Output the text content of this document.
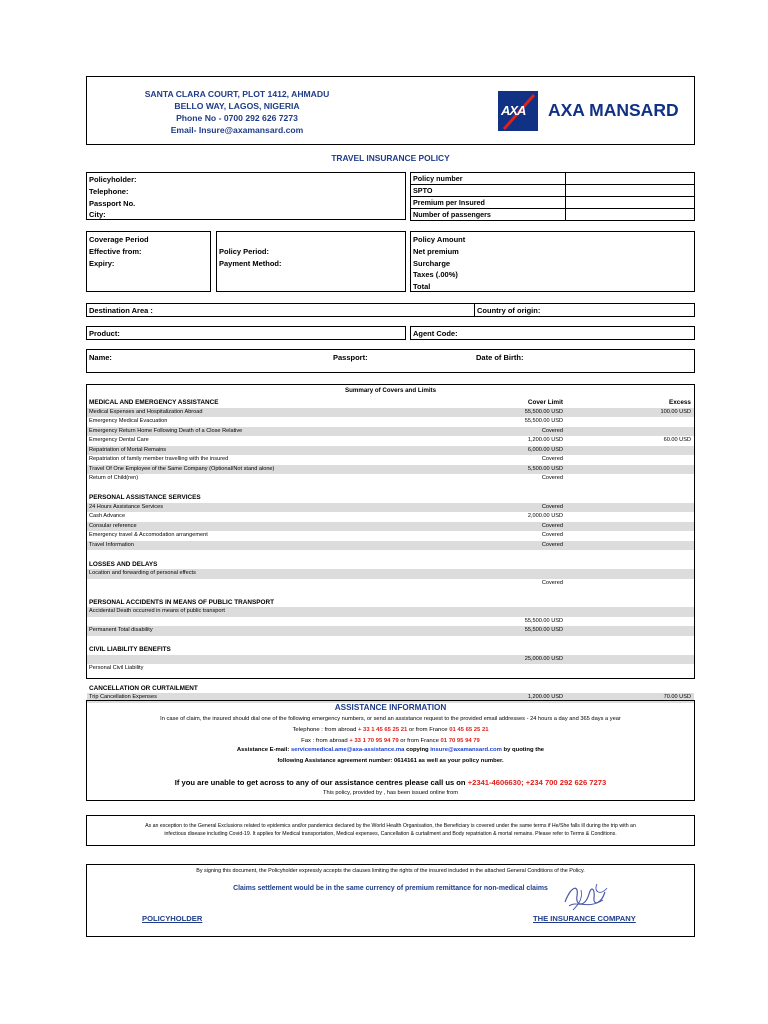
SANTA CLARA COURT, PLOT 1412, AHMADU
BELLO WAY, LAGOS, NIGERIA
Phone No - 0700 292 626 7273
Email- Insure@axamansard.com
AXA AXA MANSARD
TRAVEL INSURANCE POLICY
Policyholder:
Telephone:
Passport No.
City:
Policy number	
SPTO	
Premium per Insured	
Number of passengers	
Coverage Period
Effective from:
Expiry:
Policy Period:
Payment Method:
Policy Amount
Net premium
Surcharge
Taxes (.00%)
Total
Destination Area :	Country of origin:
Product:	Agent Code:
Name:	Passport:	Date of Birth:
Summary of Covers and Limits
MEDICAL AND EMERGENCY ASSISTANCE	Cover Limit	Excess
Medical Expenses and Hospitalization Abroad	55,500.00 USD	100.00 USD
Emergency Medical Evacuation	55,500.00 USD
Emergency Return Home Following Death of a Close Relative	Covered
Emergency Dental Care	1,200.00 USD	60.00 USD
Repatriation of Mortal Remains	6,000.00 USD
Repatriation of family member travelling with the insured	Covered
Travel Of One Employee of the Same Company (Optional/Not stand alone)	5,500.00 USD
Return of Child(ren)	Covered
PERSONAL ASSISTANCE SERVICES
24 Hours Assistance Services	Covered
Cash Advance	2,000.00 USD
Consular reference	Covered
Emergency travel & Accomodation arrangement	Covered
Travel Information	Covered
LOSSES AND DELAYS
Location and forwarding of personal effects
Covered
PERSONAL ACCIDENTS IN MEANS OF PUBLIC TRANSPORT
Accidental Death occurred in means of public transport
55,500.00 USD
Permanent Total disability	55,500.00 USD
CIVIL LIABILITY BENEFITS
25,000.00 USD
Personal Civil Liability
CANCELLATION OR CURTAILMENT
Trip Cancellation Expenses	1,200.00 USD	70.00 USD
ASSISTANCE INFORMATION
In case of claim, the insured should dial one of the following emergency numbers, or send an assistance request to the provided email addresses - 24 hours a day and 365 days a year
Telephone : from abroad + 33 1 45 65 25 21 or from France 01 45 65 25 21
Fax : from abroad + 33 1 70 95 94 79 or from France 01 70 95 94 79
Assistance E-mail: servicemedical.ame@axa-assistance.ma copying insure@axamansard.com by quoting the
following Assistance agreement number: 0614161 as well as your policy number.
If you are unable to get across to any of our assistance centres please call us on +2341-4606630; +234 700 292 626 7273
This policy, provided by , has been issued online from
As an exception to the General Exclusions related to epidemics and/or pandemics declared by the World Health Organisation, the Beneficiary is covered under the same terms if He/She falls ill during the trip with an
infectious disease including Covid-19. It applies for Medical transportation, Medical expenses, Cancellation & curtailment and Body repatriation & mortal remains. Please refer to Terms & Conditions.
By signing this document, the Policyholder expressly accepts the clauses limiting the rights of the insured included in the attached General Conditions of the Policy.
Claims settlement would be in the same currency of premium remittance for non-medical claims
POLICYHOLDER	THE INSURANCE COMPANY
